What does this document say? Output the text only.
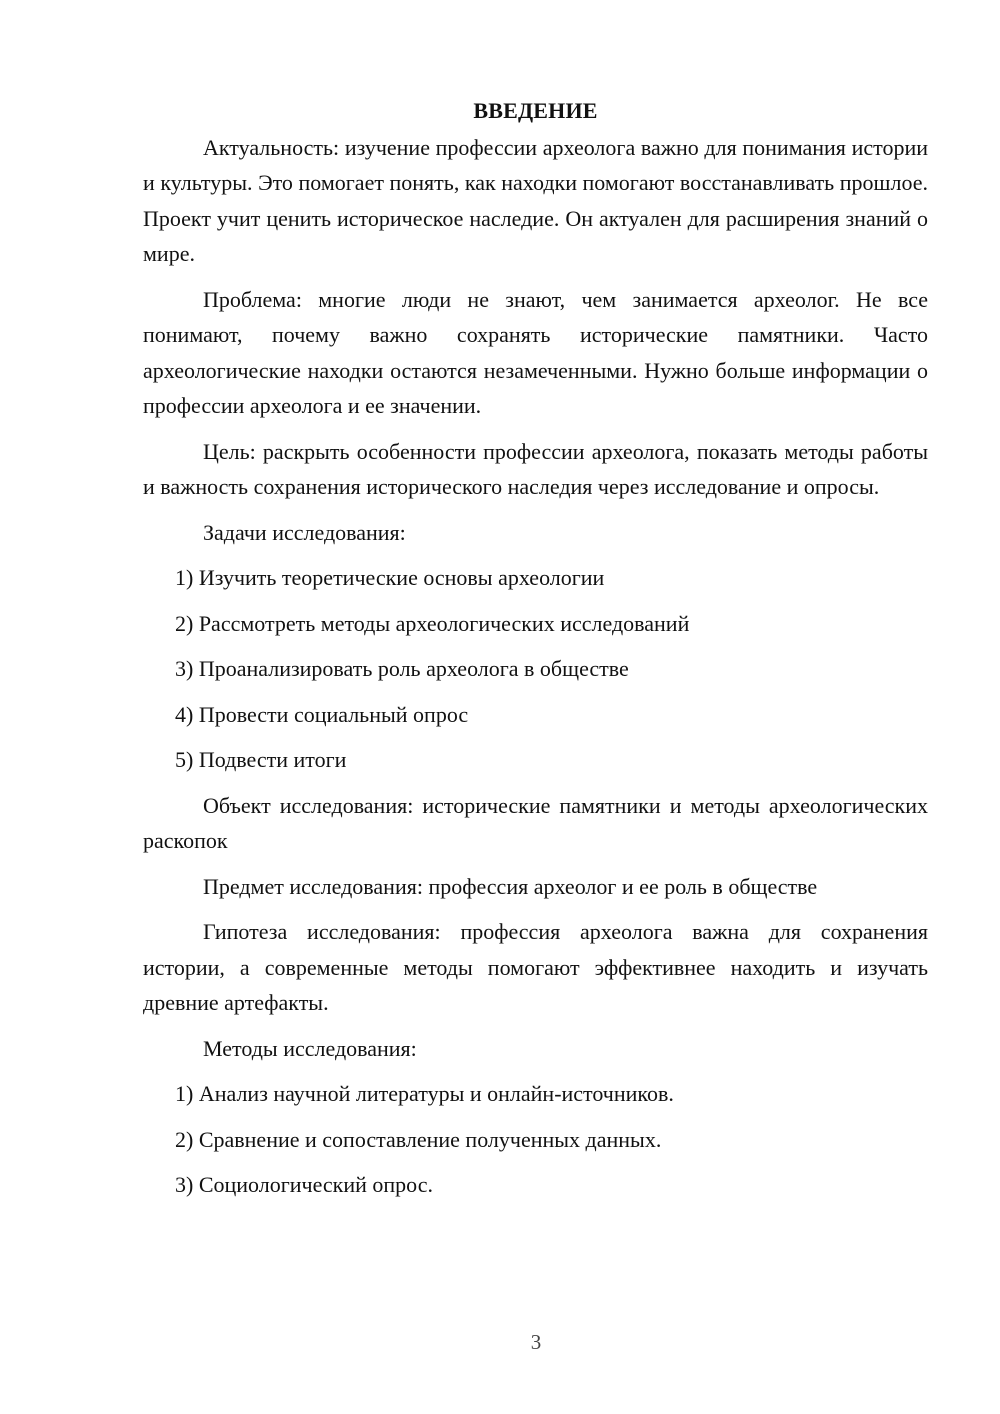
ВВЕДЕНИЕ

Актуальность: изучение профессии археолога важно для понимания истории и культуры. Это помогает понять, как находки помогают восстанавливать прошлое. Проект учит ценить историческое наследие. Он актуален для расширения знаний о мире.

Проблема: многие люди не знают, чем занимается археолог. Не все понимают, почему важно сохранять исторические памятники. Часто археологические находки остаются незамеченными. Нужно больше информации о профессии археолога и ее значении.

Цель: раскрыть особенности профессии археолога, показать методы работы и важность сохранения исторического наследия через исследование и опросы.

Задачи исследования:

1) Изучить теоретические основы археологии
2) Рассмотреть методы археологических исследований
3) Проанализировать роль археолога в обществе
4) Провести социальный опрос
5) Подвести итоги

Объект исследования: исторические памятники и методы археологических раскопок

Предмет исследования: профессия археолог и ее роль в обществе

Гипотеза исследования: профессия археолога важна для сохранения истории, а современные методы помогают эффективнее находить и изучать древние артефакты.

Методы исследования:

1) Анализ научной литературы и онлайн-источников.
2) Сравнение и сопоставление полученных данных.
3) Социологический опрос.
3
